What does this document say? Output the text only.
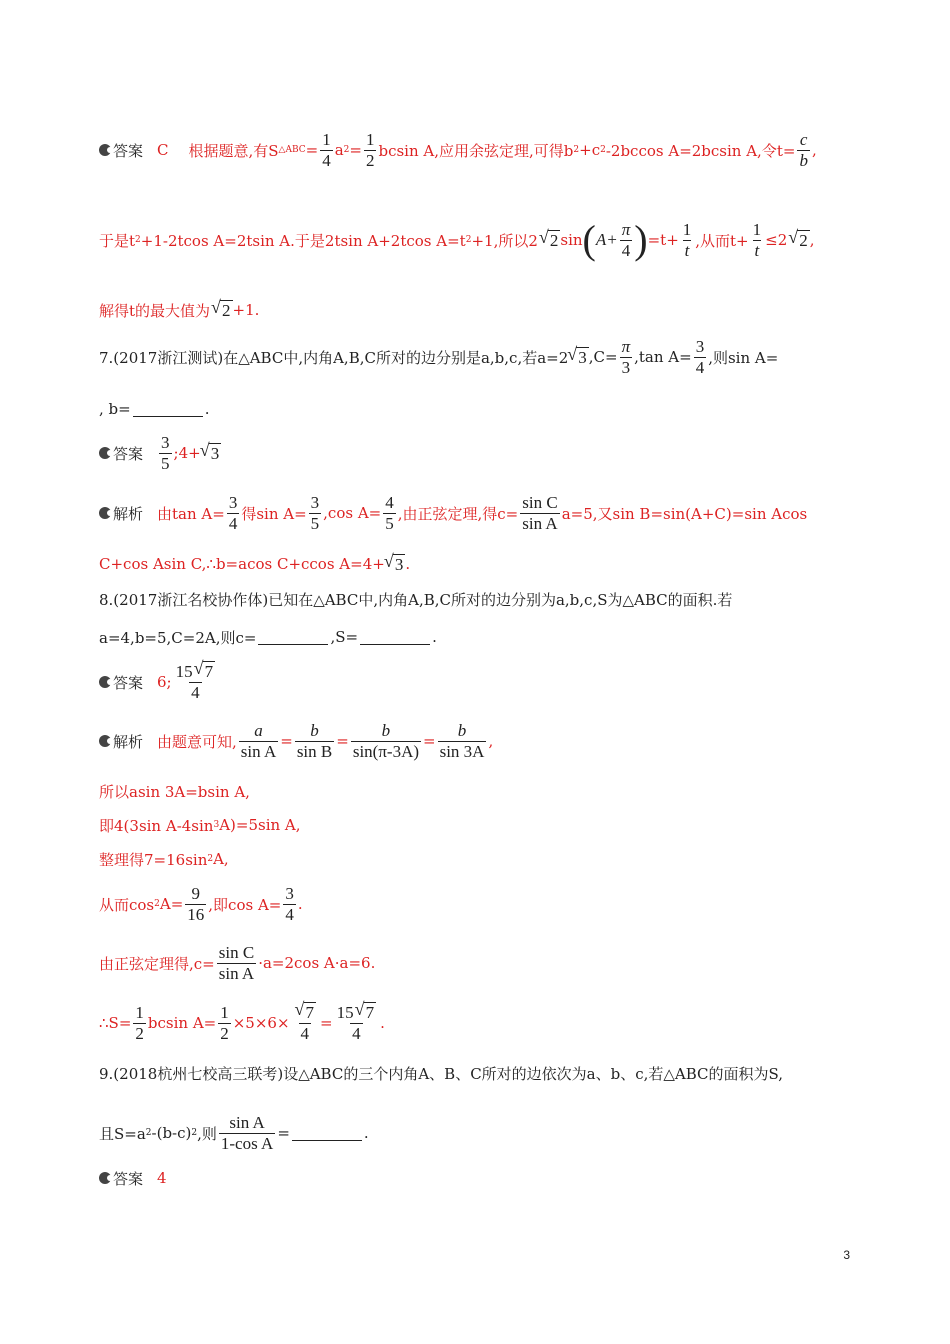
答案 C 根据题意,有S △ABC = $\frac{1}{4}$ a $2 = \frac{1}{2}$ bcsin A,应用余弦定理,可得b 2 +c 2 -2bccos A=2bcsin A,令$t= \frac{c}{b}$ ,
于是t 2 +1-2tcos A=2tsin A.于是2tsin A+2tcos A=t 2 +1,所以2 √ 2 sin ( $A+ \frac{\pi}{4}$ ) $=t+ \frac{1}{t}$ ,从而$t+ \frac{1}{t} \le 2$ √ 2 ,
解得t的最大值为 √ 2 +1.
7.(2017浙江测试)在△ABC中,内角A,B,C所对的边分别是a,b,c,若a=2 √ 3 $,C= \frac{\pi}{3} ,\tan$ $A= \frac{3}{4}$ ,则sin A=
, b=	.
答案 $\frac{3}{5}$ ;4+ √ 3
解析 由$\tan A= \frac{3}{4}$ 得$\sin A= \frac{3}{5} ,\cos$ $A= \frac{4}{5}$ ,由正弦定理,得$c= \frac{\text{sin C}}{\text{sin A}} a=5$,又sin B=sin(A+C)=sin Acos
C+cos Asin C,∴b=acos C+ccos A=4+ √ 3 .
8.(2017浙江名校协作体)已知在△ABC中,内角A,B,C所对的边分别为a,b,c,S为△ABC的面积.若
a=4,b=5,C=2A,则c=	,S=	.
答案 6; $\frac{15 √ 7}{4}$
解析 由题意可知, $\frac{a}{\text{sin A}} = \frac{b}{\text{sin B}} = \frac{b}{\sin(\pi-3A)} = \frac{b}{\sin 3A}$ ,
所以asin 3A=bsin A,
即4(3sin A-4sin 3 A)=5sin A,
整理得7=16sin 2 A,
从而cos 2 $A= \frac{9}{16}$ ,即$\cos A= \frac{3}{4}$ .
由正弦定理得$,c= \frac{\text{sin C}}{\text{sin A}} \cdot a=2\cos$ A·a=6.
∴S= $\frac{1}{2}$ bcsin $A= \frac{1}{2} \times 5\times 6\times$ √ $\frac{7}{4} = \frac{15 √ 7}{4}$ .
9.(2018杭州七校高三联考)设△ABC的三个内角A、B、C所对的边依次为a、b、c,若△ABC的面积为S,
且S=a 2 -(b-c) 2 ,则 $\frac{\text{sin A}}{\text{1-cos A}}$ =	.
答案 4
3
